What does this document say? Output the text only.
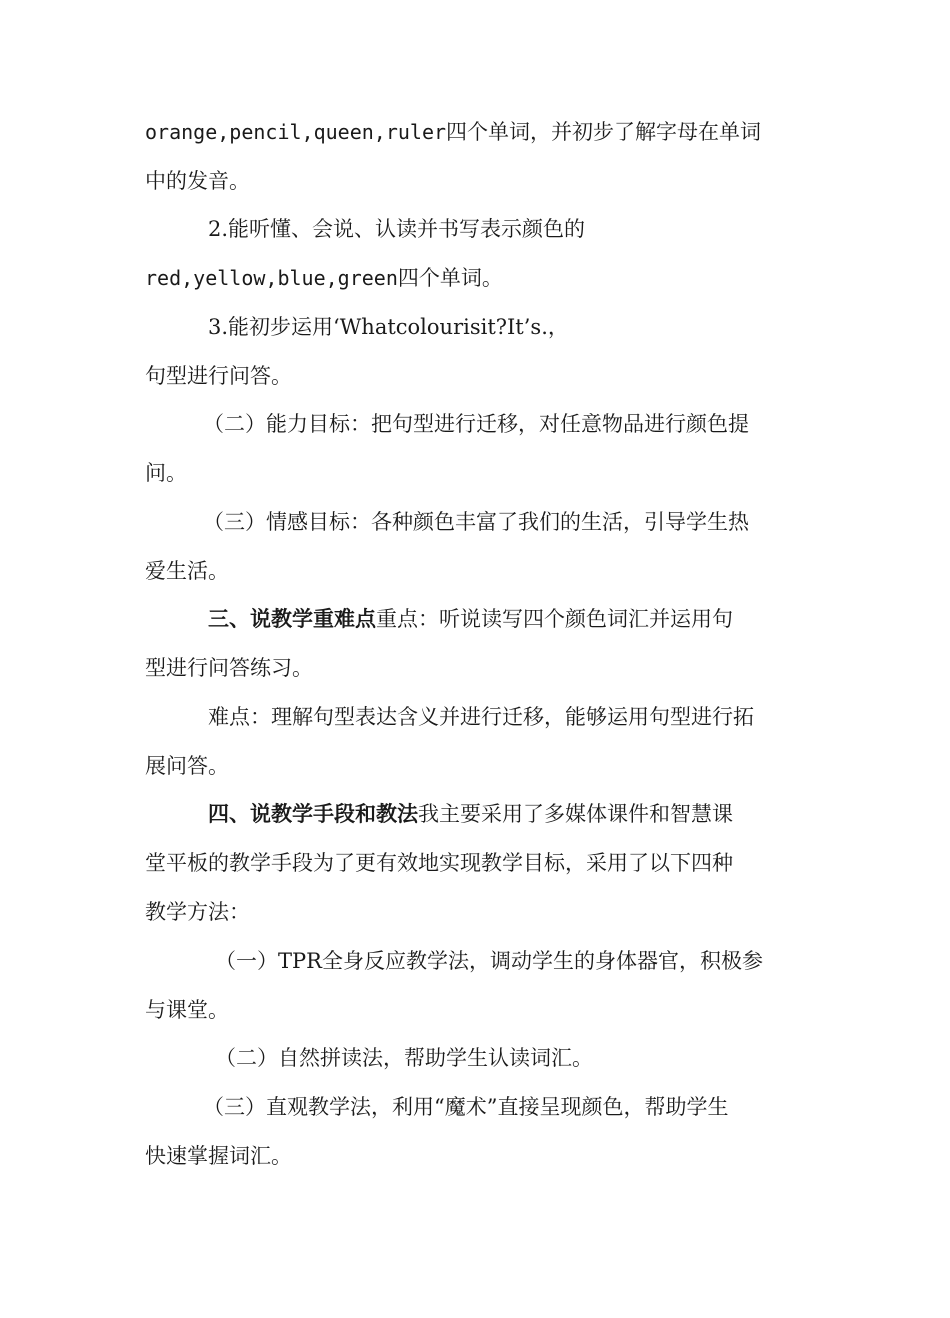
orange,pencil,queen,ruler四个单词，并初步了解字母在单词
中的发音。
2.能听懂、会说、认读并书写表示颜色的
red,yellow,blue,green四个单词。
3.能初步运用‘Whatcolourisit?It’s.，
句型进行问答。
（二）能力目标：把句型进行迁移，对任意物品进行颜色提
问。
（三）情感目标：各种颜色丰富了我们的生活，引导学生热
爱生活。
三、说教学重难点重点：听说读写四个颜色词汇并运用句
型进行问答练习。
难点：理解句型表达含义并进行迁移，能够运用句型进行拓
展问答。
四、说教学手段和教法我主要采用了多媒体课件和智慧课
堂平板的教学手段为了更有效地实现教学目标，采用了以下四种
教学方法：
（一）TPR全身反应教学法，调动学生的身体器官，积极参
与课堂。
（二）自然拼读法，帮助学生认读词汇。
（三）直观教学法，利用“魔术”直接呈现颜色，帮助学生
快速掌握词汇。
